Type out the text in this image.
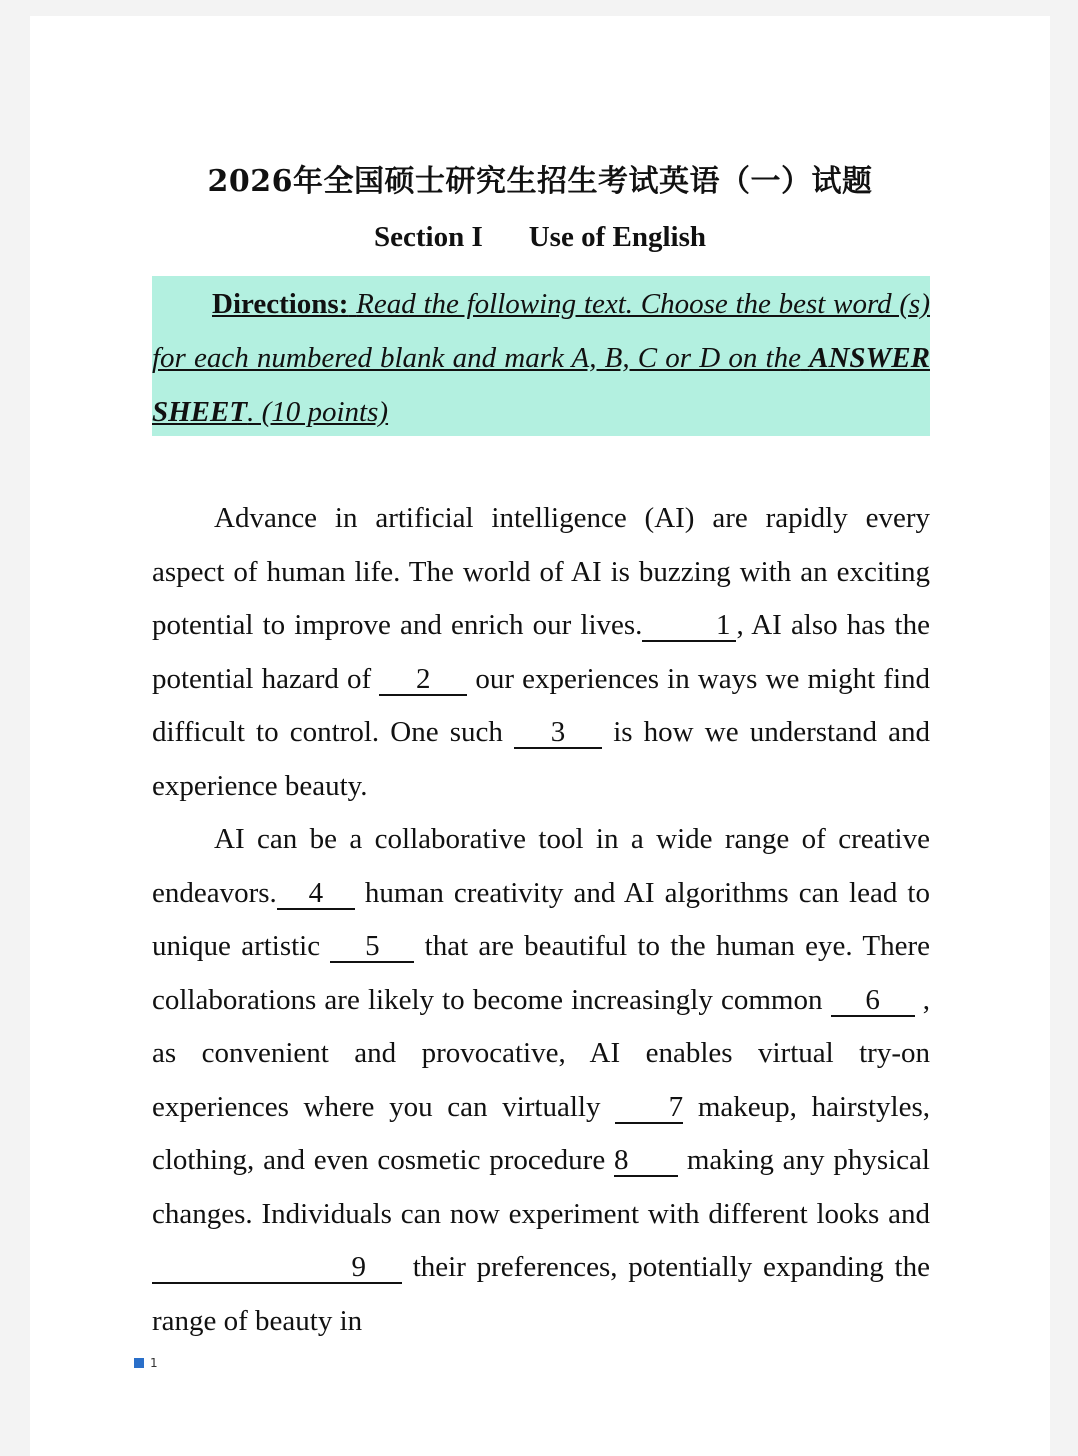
2026年全国硕士研究生招生考试英语（一）试题
Section I Use of English

Directions: Read the following text. Choose the best word (s) for each numbered blank and mark A, B, C or D on the ANSWER SHEET. (10 points)

Advance in artificial intelligence (AI) are rapidly every aspect of human life. The world of AI is buzzing with an exciting potential to improve and enrich our lives.	1 , AI also has the potential hazard of 2 our experiences in ways we might find difficult to control. One such 3 is how we understand and experience beauty.

AI can be a collaborative tool in a wide range of creative endeavors. 4 human creativity and AI algorithms can lead to unique artistic 5 that are beautiful to the human eye. There collaborations are likely to become increasingly common 6 , as convenient and provocative, AI enables virtual try-on experiences where you can virtually 7 makeup, hairstyles, clothing, and even cosmetic procedure 8 making any physical changes. Individuals can now experiment with different looks and9 their preferences, potentially expanding the range of beauty in

1
